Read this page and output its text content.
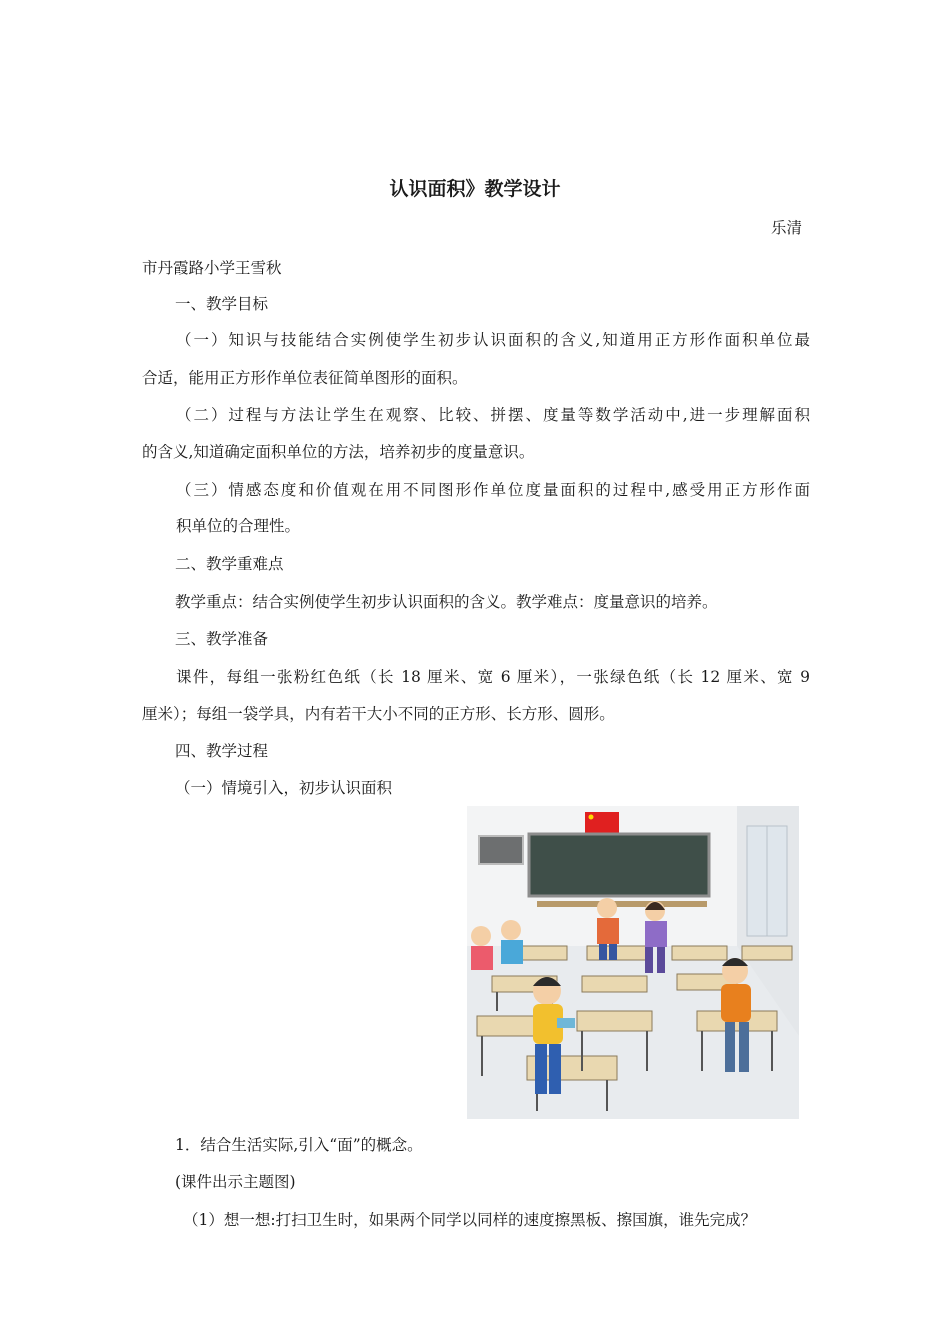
认识面积》教学设计
乐清
市丹霞路小学王雪秋
一、教学目标
（一）知识与技能结合实例使学生初步认识面积的含义,知道用正方形作面积单位最
合适，能用正方形作单位表征简单图形的面积。
（二）过程与方法让学生在观察、比较、拼摆、度量等数学活动中,进一步理解面积
的含义,知道确定面积单位的方法，培养初步的度量意识。
（三）情感态度和价值观在用不同图形作单位度量面积的过程中,感受用正方形作面
积单位的合理性。
二、教学重难点
教学重点：结合实例使学生初步认识面积的含义。教学难点：度量意识的培养。
三、教学准备
课件，每组一张粉红色纸（长 18 厘米、宽 6 厘米），一张绿色纸（长 12 厘米、宽 9
厘米）；每组一袋学具，内有若干大小不同的正方形、长方形、圆形。
四、教学过程
（一）情境引入，初步认识面积
1．结合生活实际,引入“面”的概念。
(课件出示主题图)
（1）想一想:打扫卫生时，如果两个同学以同样的速度擦黑板、擦国旗，谁先完成？
